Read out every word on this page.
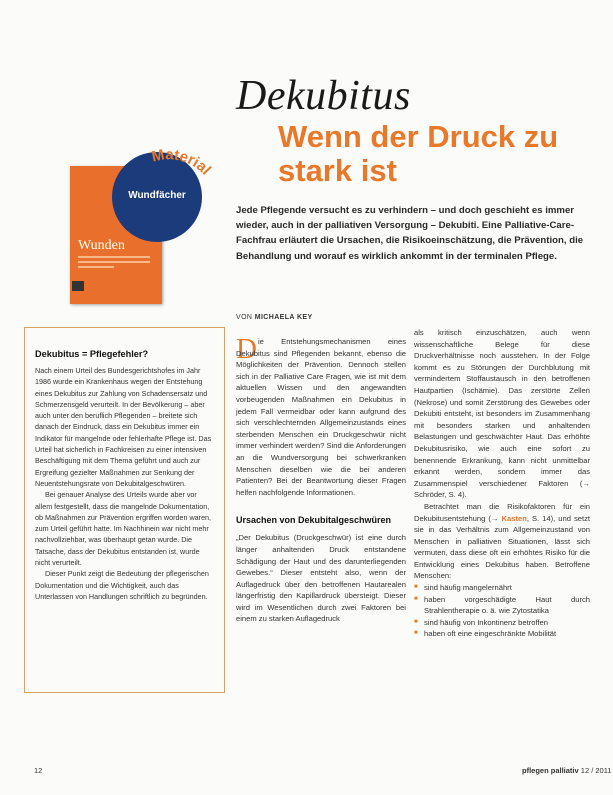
Dekubitus
Wenn der Druck zu stark ist
Jede Pflegende versucht es zu verhindern – und doch geschieht es immer wieder, auch in der palliativen Versorgung – Dekubiti. Eine Palliative-Care-Fachfrau erläutert die Ursachen, die Risikoeinschätzung, die Prävention, die Behandlung und worauf es wirklich ankommt in der terminalen Pflege.
VON MICHAELA KEY
Wunden
Wundfächer
Material
Dekubitus = Pflegefehler?

Nach einem Urteil des Bundesgerichtshofes im Jahr 1986 wurde ein Krankenhaus wegen der Entstehung eines Dekubitus zur Zahlung von Schadensersatz und Schmerzensgeld verurteilt. In der Bevölkerung – aber auch unter den beruflich Pflegenden – breitete sich danach der Eindruck, dass ein Dekubitus immer ein Indikator für mangelnde oder fehlerhafte Pflege ist. Das Urteil hat sicherlich in Fachkreisen zu einer intensiven Beschäftigung mit dem Thema geführt und auch zur Ergreifung gezielter Maßnahmen zur Senkung der Neuentstehungsrate von Dekubitalgeschwüren.

Bei genauer Analyse des Urteils wurde aber vor allem festgestellt, dass die mangelnde Dokumentation, ob Maßnahmen zur Prävention ergriffen worden waren, zum Urteil geführt hatte. Im Nachhinein war nicht mehr nachvollziehbar, was überhaupt getan wurde. Die Tatsache, dass der Dekubitus entstanden ist, wurde nicht verurteilt.

Dieser Punkt zeigt die Bedeutung der pflegerischen Dokumentation und die Wichtigkeit, auch das Unterlassen von Handlungen schriftlich zu begründen.

D ie Entstehungsmechanismen eines Dekubitus sind Pflegenden bekannt, ebenso die Möglichkeiten der Prävention. Dennoch stellen sich in der Palliative Care Fragen, wie ist mit dem aktuellen Wissen und den angewandten vorbeugenden Maßnahmen ein Dekubitus in jedem Fall vermeidbar oder kann aufgrund des sich verschlechternden Allgemeinzustands eines sterbenden Menschen ein Druckgeschwür nicht immer verhindert werden? Sind die Anforderungen an die Wundversorgung bei schwerkranken Menschen dieselben wie die bei anderen Patienten? Bei der Beantwortung dieser Fragen helfen nachfolgende Informationen.

Ursachen von Dekubitalgeschwüren

„Der Dekubitus (Druckgeschwür) ist eine durch länger anhaltenden Druck entstandene Schädigung der Haut und des darunterliegenden Gewebes.“ Dieser entsteht also, wenn der Auflagedruck über den betroffenen Hautarealen längerfristig den Kapillardruck übersteigt. Dieser wird im Wesentlichen durch zwei Faktoren bei einem zu starken Auflagedruck

als kritisch einzuschätzen, auch wenn wissenschaftliche Belege für diese Druckverhältnisse noch ausstehen. In der Folge kommt es zu Störungen der Durchblutung mit vermindertem Stoffaustausch in den betroffenen Hautpartien (Ischämie). Das zerstörte Zellen (Nekrose) und somit Zerstörung des Gewebes oder Dekubiti entsteht, ist besonders im Zusammenhang mit besonders starken und anhaltenden Belastungen und geschwächter Haut. Das erhöhte Dekubitusrisiko, wie auch eine sofort zu benennende Erkrankung, kann nicht unmittelbar erkannt werden, sondern immer das Zusammenspiel verschiedener Faktoren (→ Schröder, S. 4).

Betrachtet man die Risikofaktoren für ein Dekubitusentstehung (→ Kasten, S. 14), und setzt sie in das Verhältnis zum Allgemeinzustand von Menschen in palliativen Situationen, lässt sich vermuten, dass diese oft ein erhöhtes Risiko für die Entwicklung eines Dekubitus haben. Betroffene Menschen:

■ sind häufig mangelernährt
■ haben vorgeschädigte Haut durch Strahlentherapie o. ä. wie Zytostatika
■ sind häufig von Inkontinenz betroffen
■ haben oft eine eingeschränkte Mobilität
12	pflegen palliativ 12 / 2011
